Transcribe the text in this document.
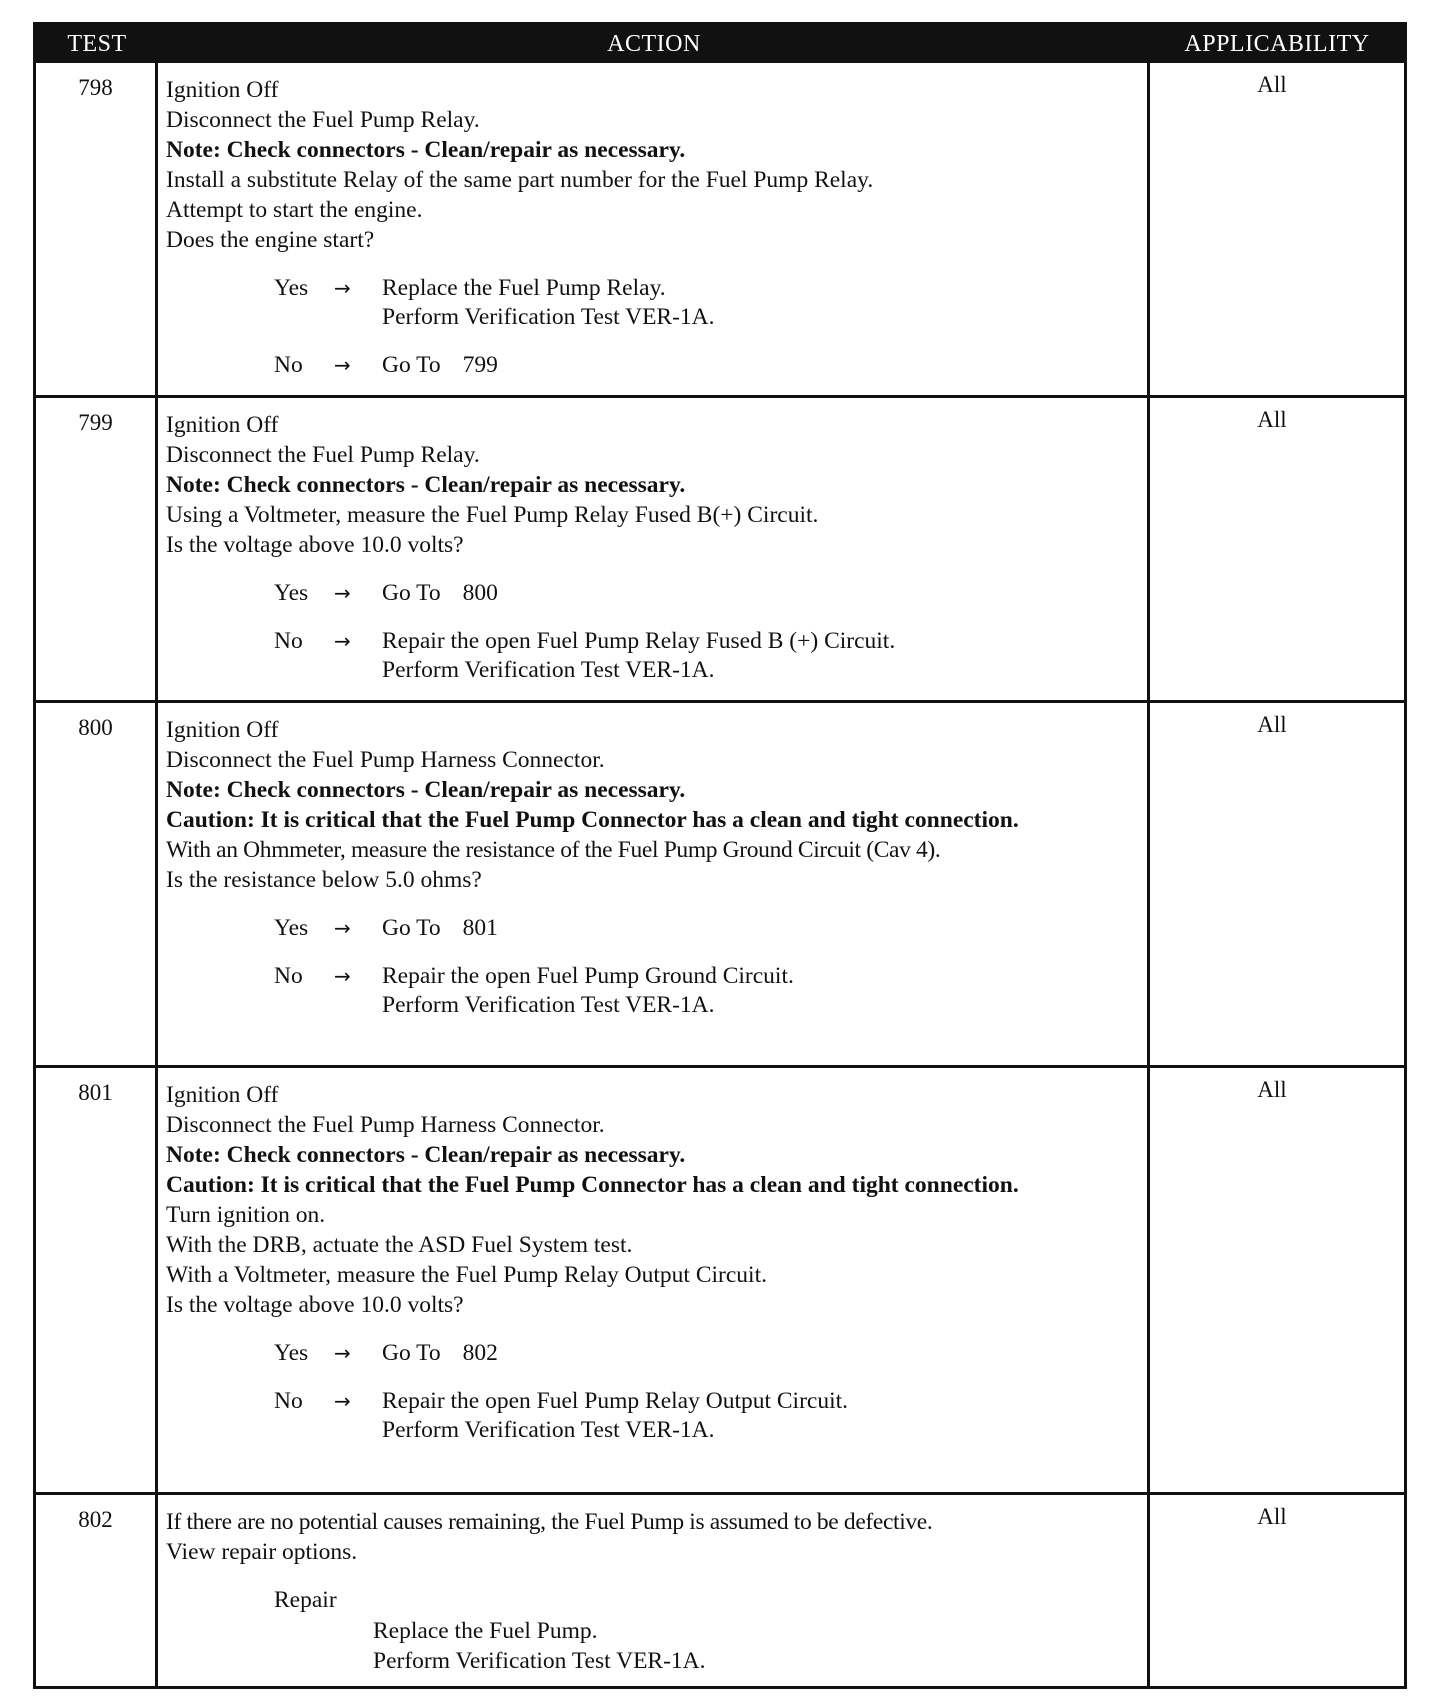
TEST	ACTION	APPLICABILITY
798	Ignition Off
Disconnect the Fuel Pump Relay.
Note: Check connectors - Clean/repair as necessary.
Install a substitute Relay of the same part number for the Fuel Pump Relay.
Attempt to start the engine.
Does the engine start?
Yes	→	Replace the Fuel Pump Relay.
Perform Verification Test VER-1A.
No	→	Go To 799
All
799	Ignition Off
Disconnect the Fuel Pump Relay.
Note: Check connectors - Clean/repair as necessary.
Using a Voltmeter, measure the Fuel Pump Relay Fused B(+) Circuit.
Is the voltage above 10.0 volts?
Yes	→	Go To 800
No	→	Repair the open Fuel Pump Relay Fused B (+) Circuit.
Perform Verification Test VER-1A.
All
800	Ignition Off
Disconnect the Fuel Pump Harness Connector.
Note: Check connectors - Clean/repair as necessary.
Caution: It is critical that the Fuel Pump Connector has a clean and tight connection.
With an Ohmmeter, measure the resistance of the Fuel Pump Ground Circuit (Cav 4).
Is the resistance below 5.0 ohms?
Yes	→	Go To 801
No	→	Repair the open Fuel Pump Ground Circuit.
Perform Verification Test VER-1A.
All
801	Ignition Off
Disconnect the Fuel Pump Harness Connector.
Note: Check connectors - Clean/repair as necessary.
Caution: It is critical that the Fuel Pump Connector has a clean and tight connection.
Turn ignition on.
With the DRB, actuate the ASD Fuel System test.
With a Voltmeter, measure the Fuel Pump Relay Output Circuit.
Is the voltage above 10.0 volts?
Yes	→	Go To 802
No	→	Repair the open Fuel Pump Relay Output Circuit.
Perform Verification Test VER-1A.
All
802	If there are no potential causes remaining, the Fuel Pump is assumed to be defective.
View repair options.
Repair
Replace the Fuel Pump.
Perform Verification Test VER-1A.
All
